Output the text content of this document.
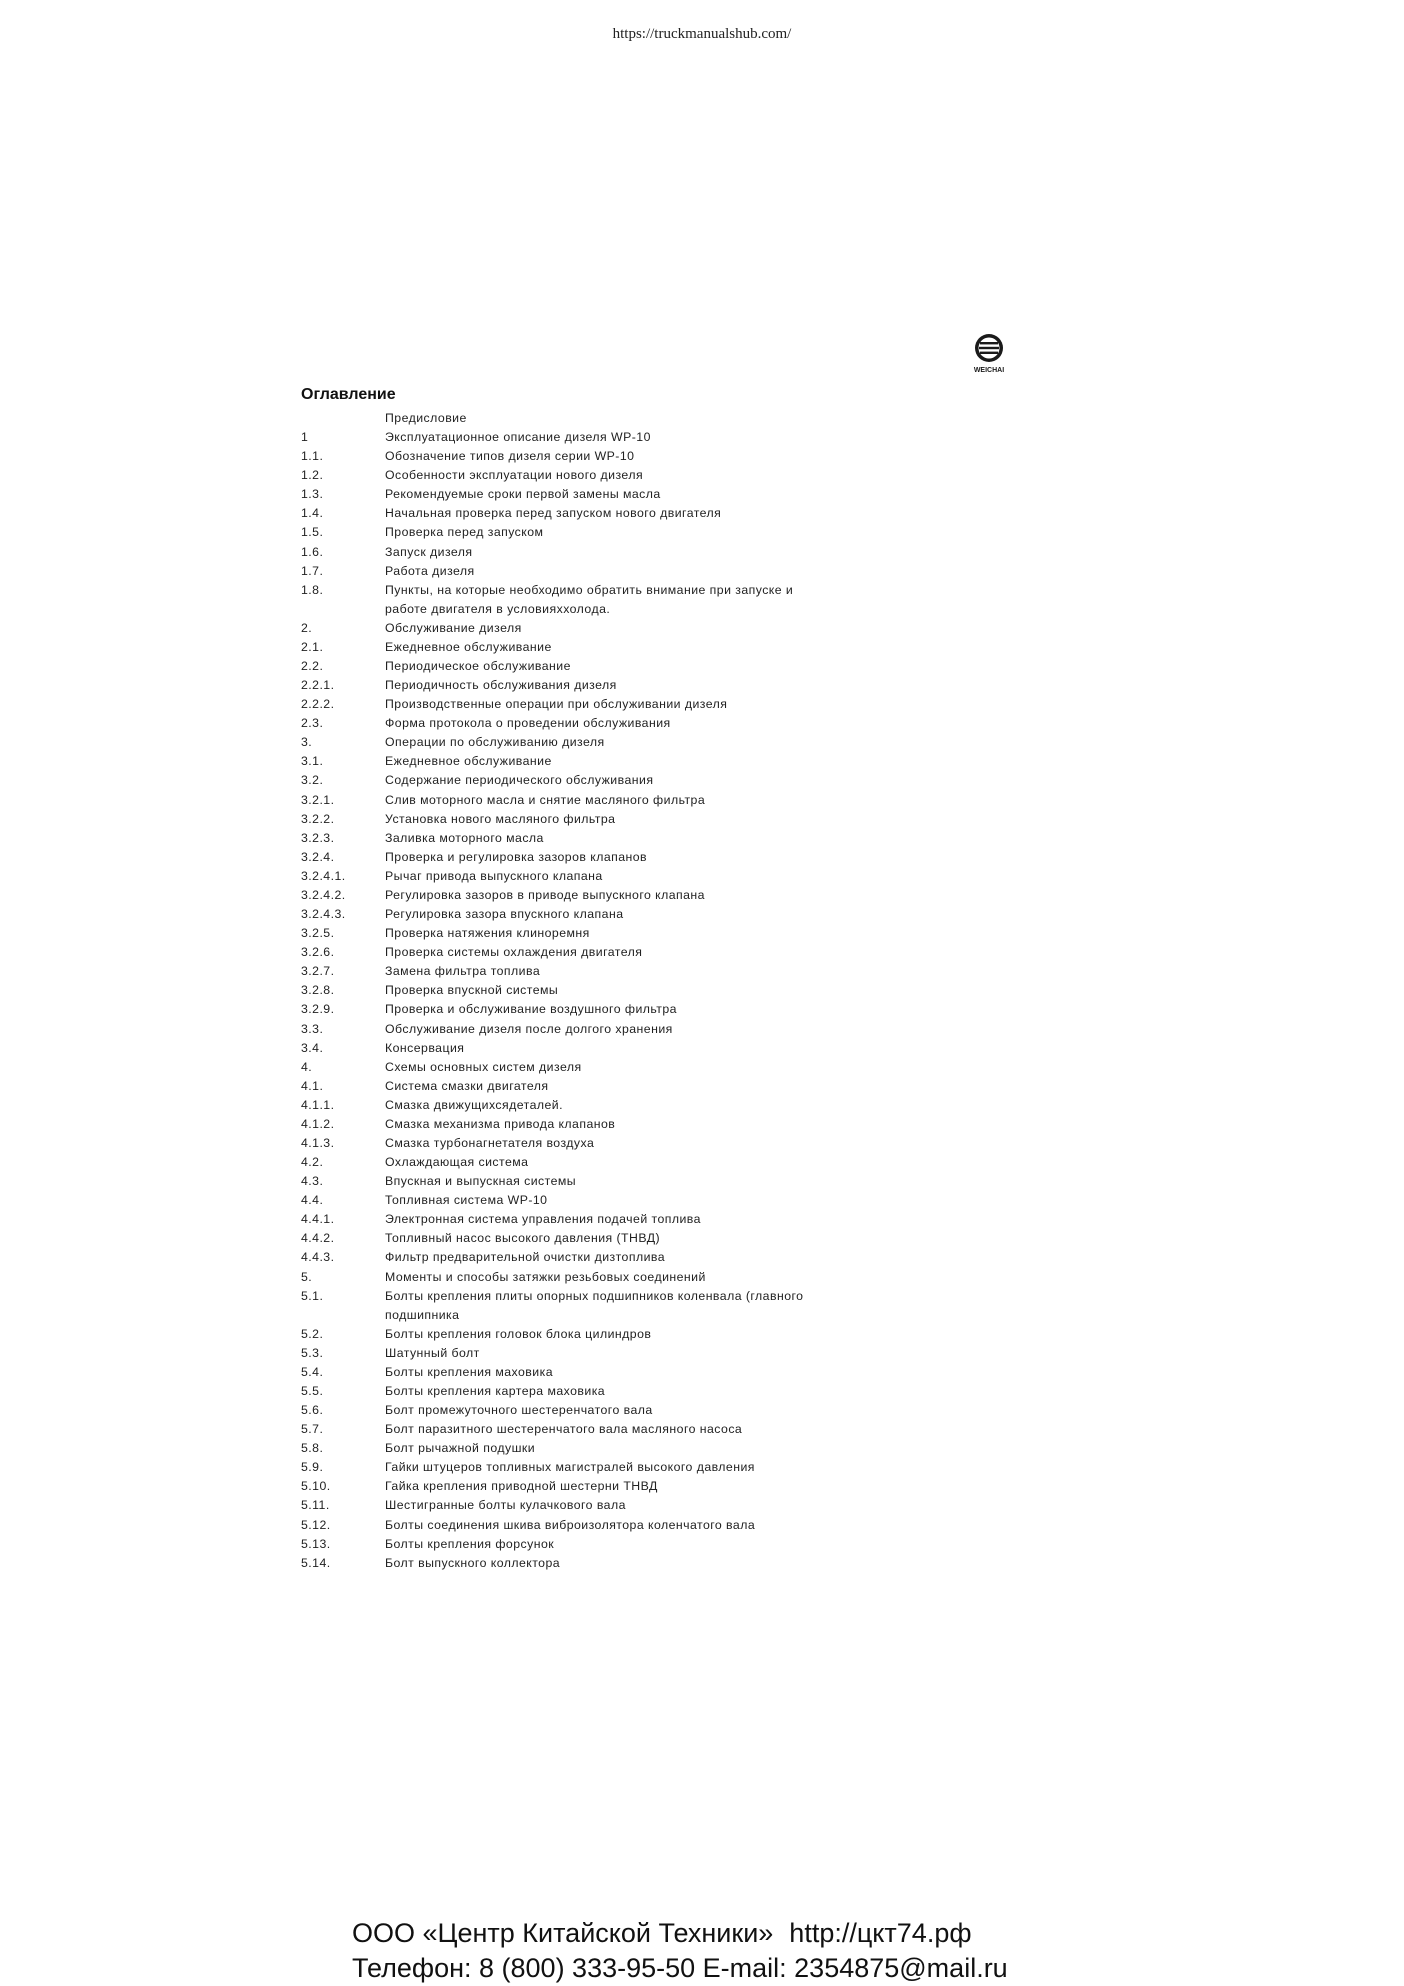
https://truckmanualshub.com/
WEICHAI
Оглавление
Предисловие
1	Эксплуатационное описание дизеля WP-10
1.1.	Обозначение типов дизеля серии WP-10
1.2.	Особенности эксплуатации нового дизеля
1.3.	Рекомендуемые сроки первой замены масла
1.4.	Начальная проверка перед запуском нового двигателя
1.5.	Проверка перед запуском
1.6.	Запуск дизеля
1.7.	Работа дизеля
1.8.	Пункты, на которые необходимо обратить внимание при запуске и
работе двигателя в условияххолода.
2.	Обслуживание дизеля
2.1.	Ежедневное обслуживание
2.2.	Периодическое обслуживание
2.2.1.	Периодичность обслуживания дизеля
2.2.2.	Производственные операции при обслуживании дизеля
2.3.	Форма протокола о проведении обслуживания
3.	Операции по обслуживанию дизеля
3.1.	Ежедневное обслуживание
3.2.	Содержание периодического обслуживания
3.2.1.	Слив моторного масла и снятие масляного фильтра
3.2.2.	Установка нового масляного фильтра
3.2.3.	Заливка моторного масла
3.2.4.	Проверка и регулировка зазоров клапанов
3.2.4.1.	Рычаг привода выпускного клапана
3.2.4.2.	Регулировка зазоров в приводе выпускного клапана
3.2.4.3.	Регулировка зазора впускного клапана
3.2.5.	Проверка натяжения клиноремня
3.2.6.	Проверка системы охлаждения двигателя
3.2.7.	Замена фильтра топлива
3.2.8.	Проверка впускной системы
3.2.9.	Проверка и обслуживание воздушного фильтра
3.3.	Обслуживание дизеля после долгого хранения
3.4.	Консервация
4.	Схемы основных систем дизеля
4.1.	Система смазки двигателя
4.1.1.	Смазка движущихсядеталей.
4.1.2.	Смазка механизма привода клапанов
4.1.3.	Смазка турбонагнетателя воздуха
4.2.	Охлаждающая система
4.3.	Впускная и выпускная системы
4.4.	Топливная система WP-10
4.4.1.	Электронная система управления подачей топлива
4.4.2.	Топливный насос высокого давления (ТНВД)
4.4.3.	Фильтр предварительной очистки дизтоплива
5.	Моменты и способы затяжки резьбовых соединений
5.1.	Болты крепления плиты опорных подшипников коленвала (главного
подшипника
5.2.	Болты крепления головок блока цилиндров
5.3.	Шатунный болт
5.4.	Болты крепления маховика
5.5.	Болты крепления картера маховика
5.6.	Болт промежуточного шестеренчатого вала
5.7.	Болт паразитного шестеренчатого вала масляного насоса
5.8.	Болт рычажной подушки
5.9.	Гайки штуцеров топливных магистралей высокого давления
5.10.	Гайка крепления приводной шестерни ТНВД
5.11.	Шестигранные болты кулачкового вала
5.12.	Болты соединения шкива виброизолятора коленчатого вала
5.13.	Болты крепления форсунок
5.14.	Болт выпускного коллектора
ООО «Центр Китайской Техники» http://цкт74.рф
Телефон: 8 (800) 333-95-50 E-mail: 2354875@mail.ru
